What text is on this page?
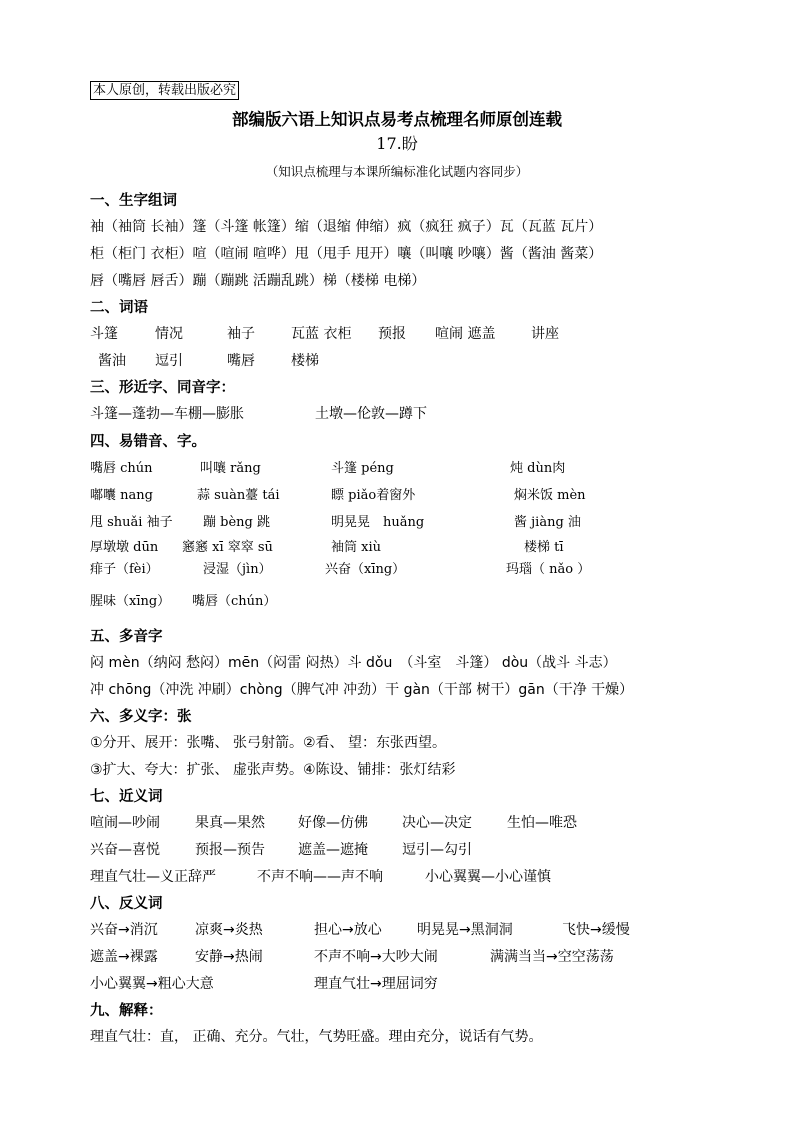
本人原创，转载出版必究
部编版六语上知识点易考点梳理名师原创连载
17.盼
（知识点梳理与本课所编标准化试题内容同步）
一、生字组词
袖（袖筒 长袖）篷（斗篷 帐篷）缩（退缩 伸缩）疯（疯狂 疯子）瓦（瓦蓝 瓦片）
柜（柜门 衣柜）喧（喧闹 喧哗）甩（甩手 甩开）嚷（叫嚷 吵嚷）酱（酱油 酱菜）
唇（嘴唇 唇舌）蹦（蹦跳 活蹦乱跳）梯（楼梯 电梯）
二、词语
斗篷	情况	袖子	瓦蓝 衣柜 预报 喧闹 遮盖	讲座
酱油 逗引	嘴唇	楼梯
三、形近字、同音字：
斗篷—蓬勃—车棚—膨胀	土墩—伦敦—蹲下
四、易错音、字。
嘴唇 chún	叫嚷 rǎng	斗篷 péng	炖 dùn肉
嘟囔 nang	蒜 suàn薹 tái	瞟 piǎo着窗外	焖米饭 mèn
甩 shuǎi 袖子 蹦 bèng 跳	明晃晃　huǎng	酱 jiàng 油
厚墩墩 dūn 窸窸 xī 窣窣 sū	袖筒 xiù	楼梯 tī
痱子（fèi）	浸湿（jìn）	兴奋（xīng）	玛瑙（ nǎo ）
腥味（xīng） 嘴唇（chún）
五、多音字
闷 mèn（纳闷 愁闷）mēn（闷雷 闷热）斗 dǒu　（斗室　斗篷） dòu（战斗 斗志）
冲 chōng（冲洗 冲刷）chòng（脾气冲 冲劲）干 gàn（干部 树干）gān（干净 干燥）
六、多义字：张
①分开、展开：张嘴、 张弓射箭。②看、 望：东张西望。
③扩大、夸大：扩张、 虚张声势。④陈设、铺排：张灯结彩
七、近义词
喧闹—吵闹	果真—果然 好像—仿佛 决心—决定	生怕—唯恐
兴奋—喜悦	预报—预告 遮盖—遮掩 逗引—勾引
理直气壮—义正辞严	不声不响——声不响	小心翼翼—小心谨慎
八、反义词
兴奋→消沉	凉爽→炎热	担心→放心	明晃晃→黑洞洞	飞快→缓慢
遮盖→裸露	安静→热闹	不声不响→大吵大闹	满满当当→空空荡荡
小心翼翼→粗心大意	理直气壮→理屈词穷
九、解释：
理直气壮：直， 正确、充分。气壮，气势旺盛。理由充分，说话有气势。
